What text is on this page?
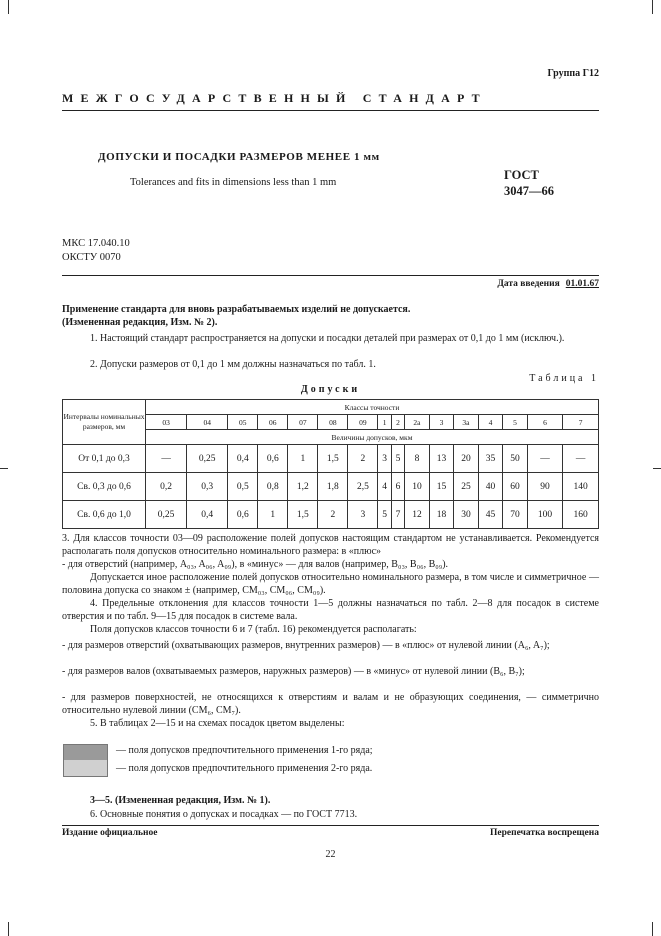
Группа Г12
МЕЖГОСУДАРСТВЕННЫЙ СТАНДАРТ
ДОПУСКИ И ПОСАДКИ РАЗМЕРОВ МЕНЕЕ 1 мм
Tolerances and fits in dimensions less than 1 mm
ГОСТ
3047—66
МКС 17.040.10
ОКСТУ 0070
Дата введения 01.01.67
Применение стандарта для вновь разрабатываемых изделий не допускается.
(Измененная редакция, Изм. № 2).
1. Настоящий стандарт распространяется на допуски и посадки деталей при размерах от 0,1 до 1 мм (исключ.).
2. Допуски размеров от 0,1 до 1 мм должны назначаться по табл. 1.
Таблица 1
Допуски
Интервалы номинальных размеров, мм	Классы точности															
	03	04	05	06	07	08	09	1	2	2а	3	3а	4	5	6	7
	Величины допусков, мкм															
От 0,1 до 0,3	—	0,25	0,4	0,6	1	1,5	2	3	5	8	13	20	35	50	—	—
Св. 0,3 до 0,6	0,2	0,3	0,5	0,8	1,2	1,8	2,5	4	6	10	15	25	40	60	90	140
Св. 0,6 до 1,0	0,25	0,4	0,6	1	1,5	2	3	5	7	12	18	30	45	70	100	160
3. Для классов точности 03—09 расположение полей допусков настоящим стандартом не устанавливается. Рекомендуется располагать поля допусков относительно номинального размера: в «плюс»
- для отверстий (например, A₀₃, A₀₆, A₀₉), в «минус» — для валов (например, B₀₃, B₀₆, B₀₉).
Допускается иное расположение полей допусков относительно номинального размера, в том числе и симметричное — половина допуска со знаком ± (например, CM₀₃, CM₀₆, CM₀₉).
4. Предельные отклонения для классов точности 1—5 должны назначаться по табл. 2—8 для посадок в системе отверстия и по табл. 9—15 для посадок в системе вала.
Поля допусков классов точности 6 и 7 (табл. 16) рекомендуется располагать:
- для размеров отверстий (охватывающих размеров, внутренних размеров) — в «плюс» от нулевой линии (A₆, A₇);
- для размеров валов (охватываемых размеров, наружных размеров) — в «минус» от нулевой линии (B₆, B₇);
- для размеров поверхностей, не относящихся к отверстиям и валам и не образующих соединения, — симметрично относительно нулевой линии (CM₆, CM₇).
5. В таблицах 2—15 и на схемах посадок цветом выделены:
— поля допусков предпочтительного применения 1-го ряда;
— поля допусков предпочтительного применения 2-го ряда.
3—5. (Измененная редакция, Изм. № 1).
6. Основные понятия о допусках и посадках — по ГОСТ 7713.
Издание официальное	Перепечатка воспрещена
22
